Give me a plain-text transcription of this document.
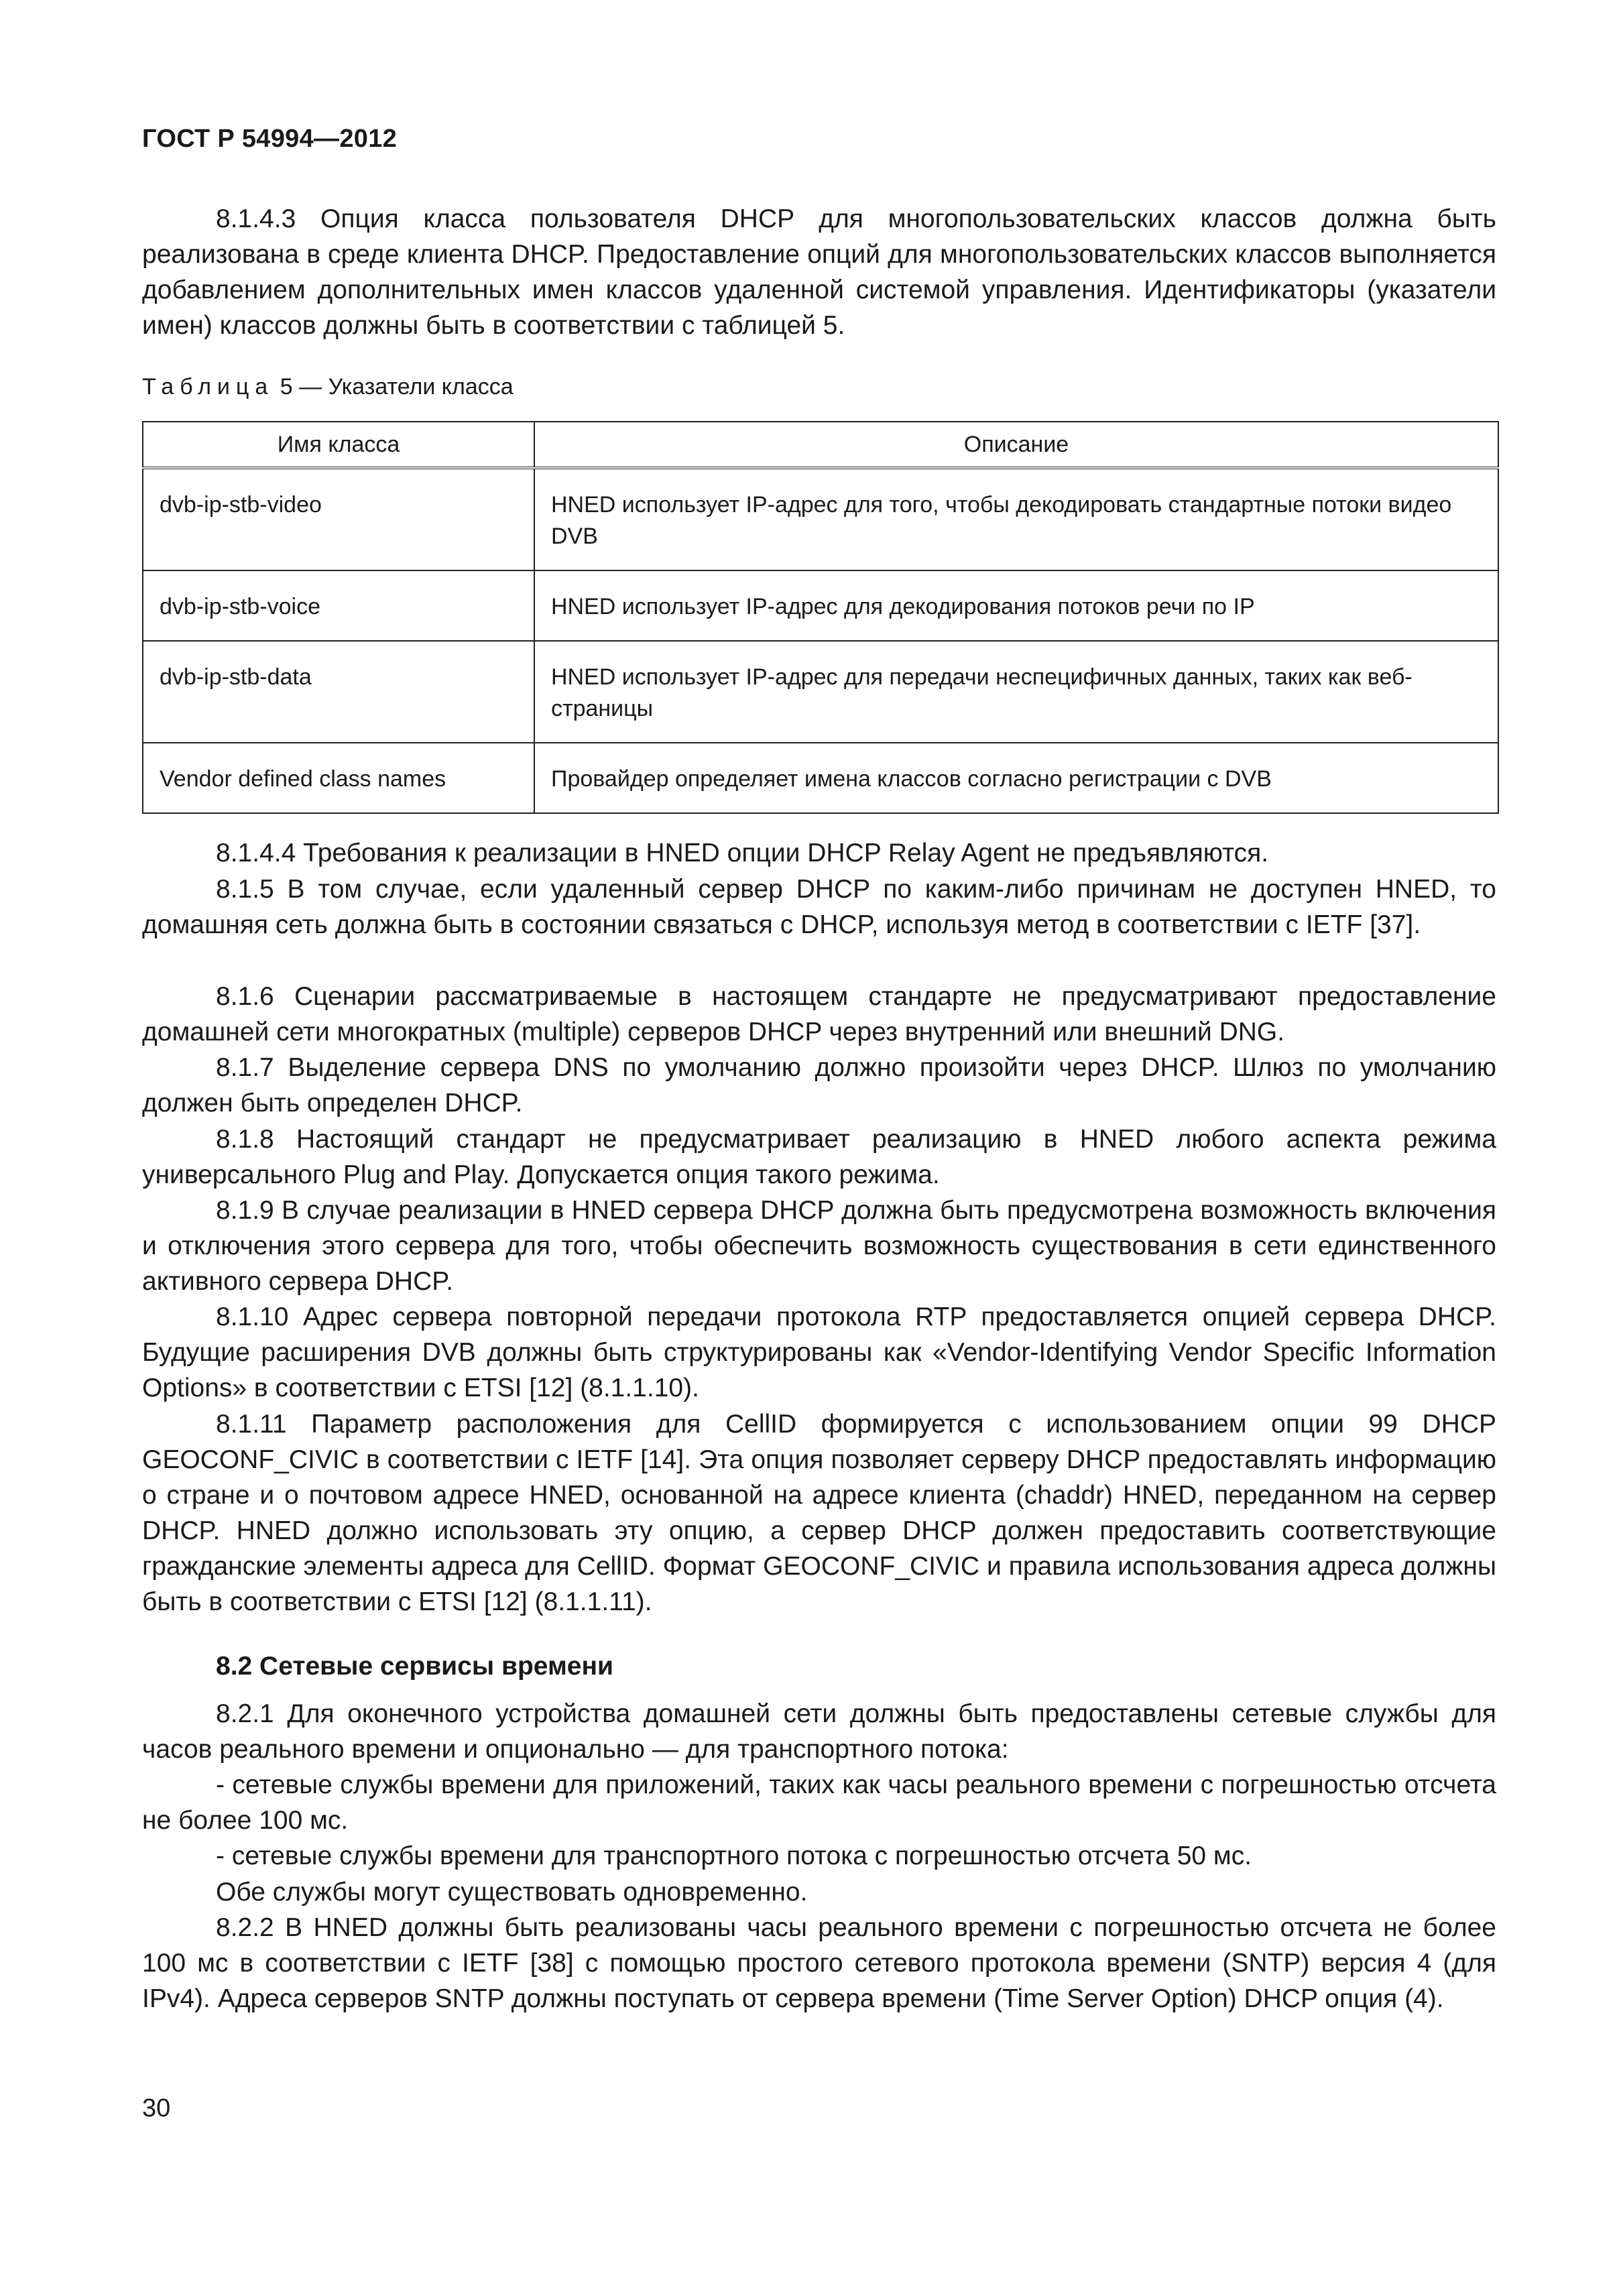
ГОСТ Р 54994—2012

8.1.4.3 Опция класса пользователя DHCP для многопользовательских классов должна быть реализована в среде клиента DHCP. Предоставление опций для многопользовательских классов выполняется добавлением дополнительных имен классов удаленной системой управления. Идентификаторы (указатели имен) классов должны быть в соответствии с таблицей 5.

Таблица 5 — Указатели класса
Имя класса	Описание
dvb-ip-stb-video	HNED использует IP-адрес для того, чтобы декодировать стандартные потоки видео DVB
dvb-ip-stb-voice	HNED использует IP-адрес для декодирования потоков речи по IP
dvb-ip-stb-data	HNED использует IP-адрес для передачи неспецифичных данных, таких как веб-страницы
Vendor defined class names	Провайдер определяет имена классов согласно регистрации с DVB

8.1.4.4 Требования к реализации в HNED опции DHCP Relay Agent не предъявляются.

8.1.5 В том случае, если удаленный сервер DHCP по каким-либо причинам не доступен HNED, то домашняя сеть должна быть в состоянии связаться с DHCP, используя метод в соответствии с IETF [37].

8.1.6 Сценарии рассматриваемые в настоящем стандарте не предусматривают предоставление домашней сети многократных (multiple) серверов DHCP через внутренний или внешний DNG.

8.1.7 Выделение сервера DNS по умолчанию должно произойти через DHCP. Шлюз по умолчанию должен быть определен DHCP.

8.1.8 Настоящий стандарт не предусматривает реализацию в HNED любого аспекта режима универсального Plug and Play. Допускается опция такого режима.

8.1.9 В случае реализации в HNED сервера DHCP должна быть предусмотрена возможность включения и отключения этого сервера для того, чтобы обеспечить возможность существования в сети единственного активного сервера DHCP.

8.1.10 Адрес сервера повторной передачи протокола RTP предоставляется опцией сервера DHCP. Будущие расширения DVB должны быть структурированы как «Vendor-Identifying Vendor Specific Information Options» в соответствии с ETSI [12] (8.1.1.10).

8.1.11 Параметр расположения для CellID формируется с использованием опции 99 DHCP GEOCONF_CIVIC в соответствии с IETF [14]. Эта опция позволяет серверу DHCP предоставлять информацию о стране и о почтовом адресе HNED, основанной на адресе клиента (chaddr) HNED, переданном на сервер DHCP. HNED должно использовать эту опцию, а сервер DHCP должен предоставить соответствующие гражданские элементы адреса для CellID. Формат GEOCONF_CIVIC и правила использования адреса должны быть в соответствии с ETSI [12] (8.1.1.11).

8.2 Сетевые сервисы времени

8.2.1 Для оконечного устройства домашней сети должны быть предоставлены сетевые службы для часов реального времени и опционально — для транспортного потока:

- сетевые службы времени для приложений, таких как часы реального времени с погрешностью отсчета не более 100 мс.

- сетевые службы времени для транспортного потока с погрешностью отсчета 50 мс.

Обе службы могут существовать одновременно.

8.2.2 В HNED должны быть реализованы часы реального времени с погрешностью отсчета не более 100 мс в соответствии с IETF [38] с помощью простого сетевого протокола времени (SNTP) версия 4 (для IPv4). Адреса серверов SNTP должны поступать от сервера времени (Time Server Option) DHCP опция (4).

30
